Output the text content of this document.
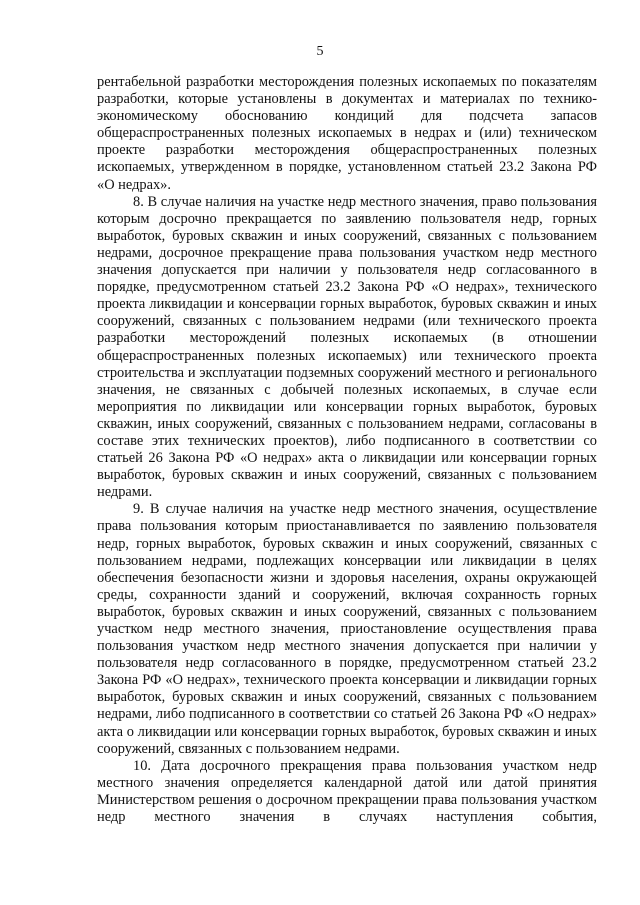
5

рентабельной разработки месторождения полезных ископаемых по показателям разработки, которые установлены в документах и материалах по технико-экономическому обоснованию кондиций для подсчета запасов общераспространенных полезных ископаемых в недрах и (или) техническом проекте разработки месторождения общераспространенных полезных ископаемых, утвержденном в порядке, установленном статьей 23.2 Закона РФ «О недрах».

8. В случае наличия на участке недр местного значения, право пользования которым досрочно прекращается по заявлению пользователя недр, горных выработок, буровых скважин и иных сооружений, связанных с пользованием недрами, досрочное прекращение права пользования участком недр местного значения допускается при наличии у пользователя недр согласованного в порядке, предусмотренном статьей 23.2 Закона РФ «О недрах», технического проекта ликвидации и консервации горных выработок, буровых скважин и иных сооружений, связанных с пользованием недрами (или технического проекта разработки месторождений полезных ископаемых (в отношении общераспространенных полезных ископаемых) или технического проекта строительства и эксплуатации подземных сооружений местного и регионального значения, не связанных с добычей полезных ископаемых, в случае если мероприятия по ликвидации или консервации горных выработок, буровых скважин, иных сооружений, связанных с пользованием недрами, согласованы в составе этих технических проектов), либо подписанного в соответствии со статьей 26 Закона РФ «О недрах» акта о ликвидации или консервации горных выработок, буровых скважин и иных сооружений, связанных с пользованием недрами.

9. В случае наличия на участке недр местного значения, осуществление права пользования которым приостанавливается по заявлению пользователя недр, горных выработок, буровых скважин и иных сооружений, связанных с пользованием недрами, подлежащих консервации или ликвидации в целях обеспечения безопасности жизни и здоровья населения, охраны окружающей среды, сохранности зданий и сооружений, включая сохранность горных выработок, буровых скважин и иных сооружений, связанных с пользованием участком недр местного значения, приостановление осуществления права пользования участком недр местного значения допускается при наличии у пользователя недр согласованного в порядке, предусмотренном статьей 23.2 Закона РФ «О недрах», технического проекта консервации и ликвидации горных выработок, буровых скважин и иных сооружений, связанных с пользованием недрами, либо подписанного в соответствии со статьей 26 Закона РФ «О недрах» акта о ликвидации или консервации горных выработок, буровых скважин и иных сооружений, связанных с пользованием недрами.

10. Дата досрочного прекращения права пользования участком недр местного значения определяется календарной датой или датой принятия Министерством решения о досрочном прекращении права пользования участком недр местного значения в случаях наступления события,
